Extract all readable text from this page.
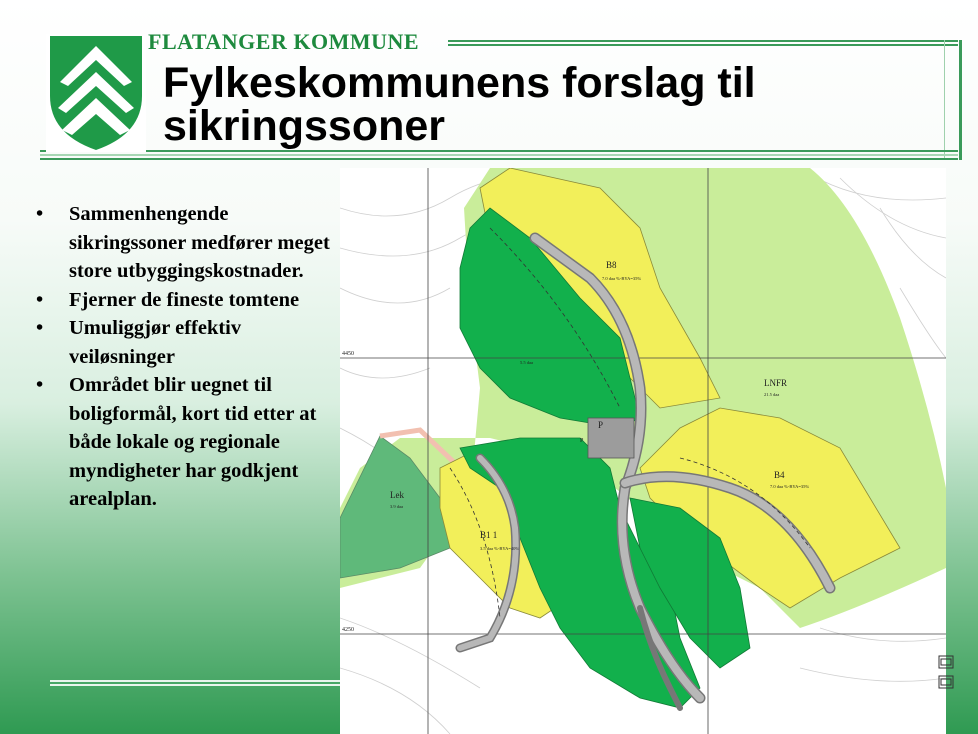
FLATANGER KOMMUNE
Fylkeskommunens forslag til sikringssoner
• Sammenhengende sikringssoner medfører meget store utbyggingskostnader.
• Fjerner de fineste tomtene
• Umuliggjør effektiv veiløsninger
• Området blir uegnet til boligformål, kort tid etter at både lokale og regionale myndigheter har godkjent arealplan.
B8
LNFR
B4
B1 1
Lek
P
P
7.0 daa %-BYA=35%
21.5 daa
7.0 daa %-BYA=35%
3.5 daa %-BYA=40%
3.9 daa
5.5 daa
4450
4250
